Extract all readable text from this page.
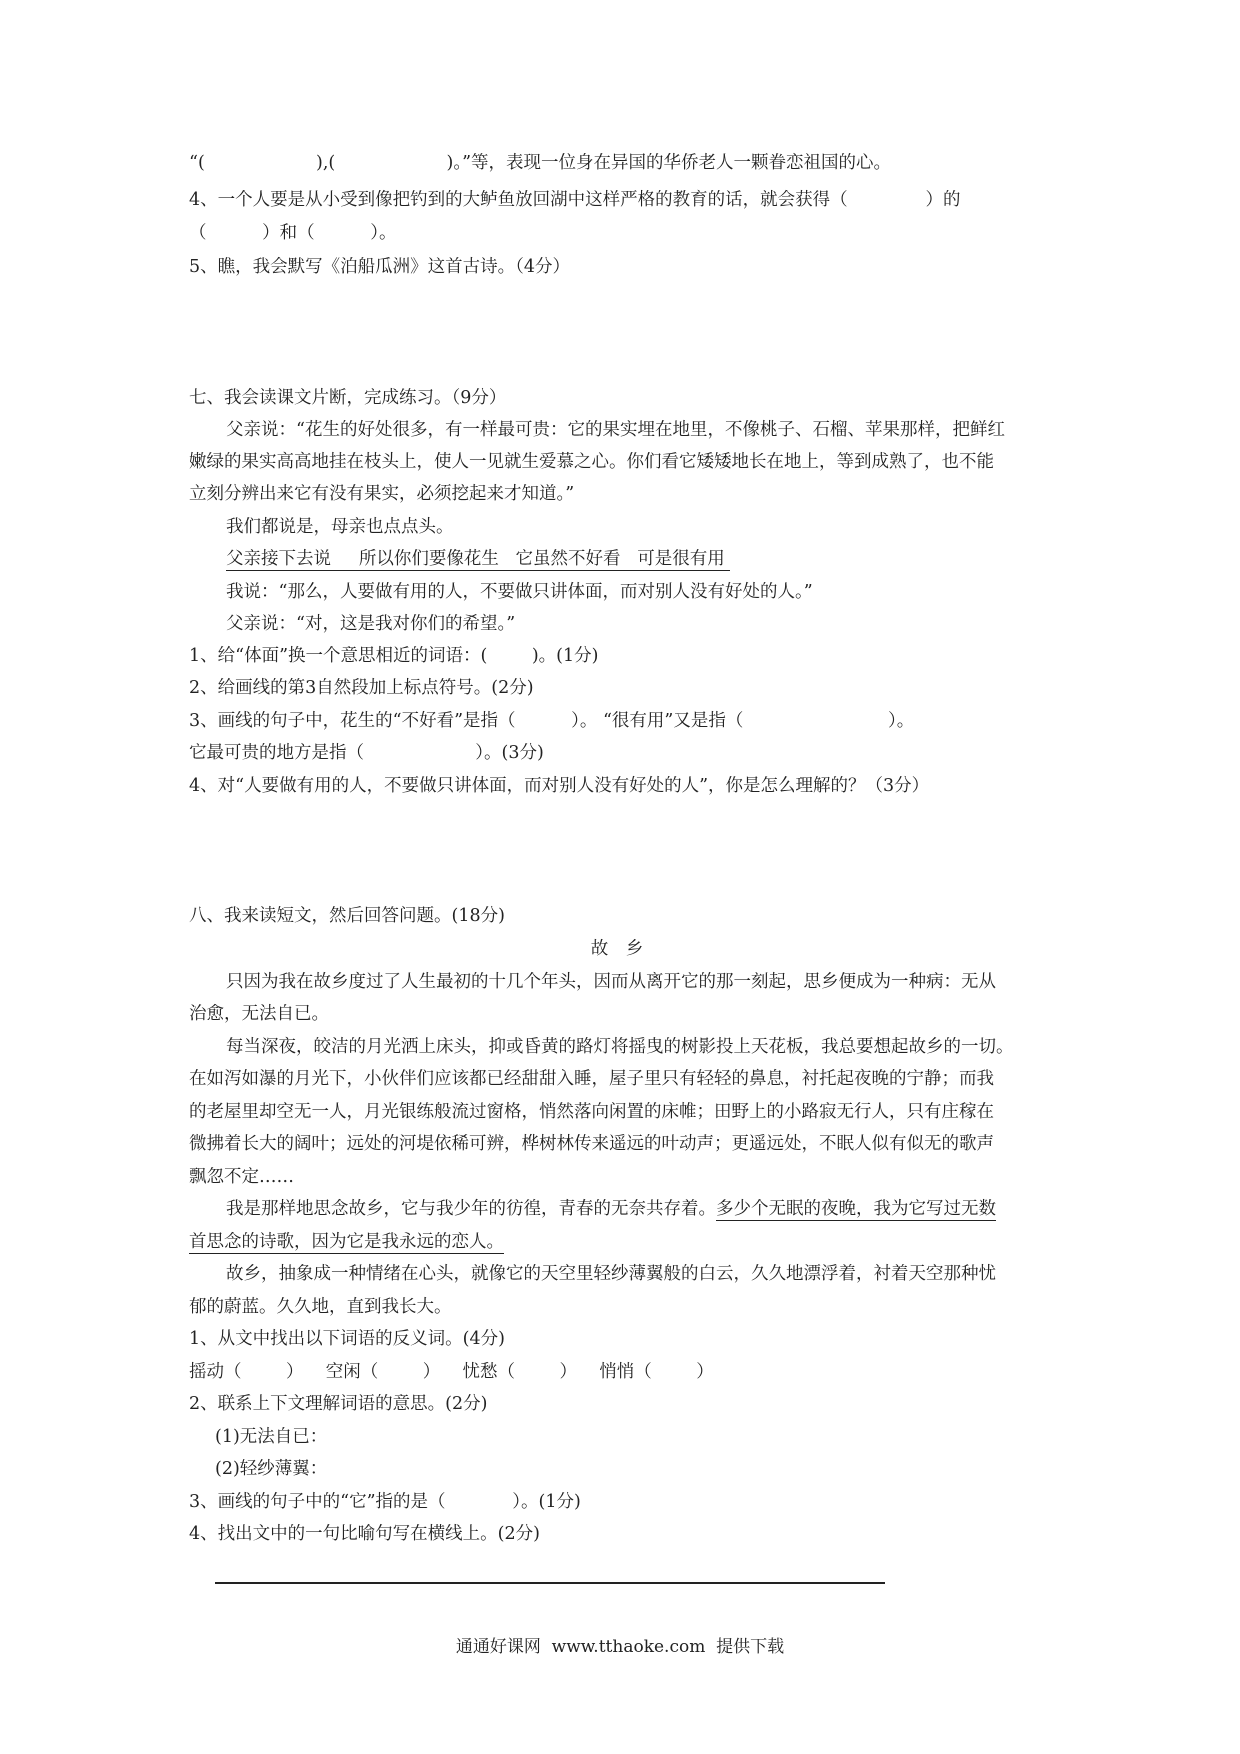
“(                    ),(                    )。”等，表现一位身在异国的华侨老人一颗眷恋祖国的心。
4、一个人要是从小受到像把钓到的大鲈鱼放回湖中这样严格的教育的话，就会获得（              ）的
（          ）和（          ）。
5、瞧，我会默写《泊船瓜洲》这首古诗。（4分）
七、我会读课文片断，完成练习。（9分）
父亲说：“花生的好处很多，有一样最可贵：它的果实埋在地里，不像桃子、石榴、苹果那样，把鲜红
嫩绿的果实高高地挂在枝头上，使人一见就生爱慕之心。你们看它矮矮地长在地上，等到成熟了，也不能
立刻分辨出来它有没有果实，必须挖起来才知道。”
我们都说是，母亲也点点头。
父亲接下去说     所以你们要像花生   它虽然不好看   可是很有用
我说：“那么，人要做有用的人，不要做只讲体面，而对别人没有好处的人。”
父亲说：“对，这是我对你们的希望。”
1、给“体面”换一个意思相近的词语：(        )。(1分)
2、给画线的第3自然段加上标点符号。(2分)
3、画线的句子中，花生的“不好看”是指（          ）。 “很有用”又是指（                          ）。
它最可贵的地方是指（                    ）。(3分)
4、对“人要做有用的人，不要做只讲体面，而对别人没有好处的人”，你是怎么理解的？（3分）
八、我来读短文，然后回答问题。(18分)
故 乡
只因为我在故乡度过了人生最初的十几个年头，因而从离开它的那一刻起，思乡便成为一种病：无从
治愈，无法自已。
每当深夜，皎洁的月光洒上床头，抑或昏黄的路灯将摇曳的树影投上天花板，我总要想起故乡的一切。
在如泻如瀑的月光下，小伙伴们应该都已经甜甜入睡，屋子里只有轻轻的鼻息，衬托起夜晚的宁静；而我
的老屋里却空无一人，月光银练般流过窗格，悄然落向闲置的床帷；田野上的小路寂无行人，只有庄稼在
微拂着长大的阔叶；远处的河堤依稀可辨，桦树林传来遥远的叶动声；更遥远处，不眠人似有似无的歌声
飘忽不定……
我是那样地思念故乡，它与我少年的彷徨，青春的无奈共存着。多少个无眠的夜晚，我为它写过无数
首思念的诗歌，因为它是我永远的恋人。
故乡，抽象成一种情绪在心头，就像它的天空里轻纱薄翼般的白云，久久地漂浮着，衬着天空那种忧
郁的蔚蓝。久久地，直到我长大。
1、从文中找出以下词语的反义词。(4分)
摇动（        ）    空闲（        ）    忧愁（        ）    悄悄（        ）
2、联系上下文理解词语的意思。(2分)
(1)无法自已：
(2)轻纱薄翼：
3、画线的句子中的“它”指的是（            ）。(1分)
4、找出文中的一句比喻句写在横线上。(2分)
通通好课网  www.tthaoke.com  提供下载
